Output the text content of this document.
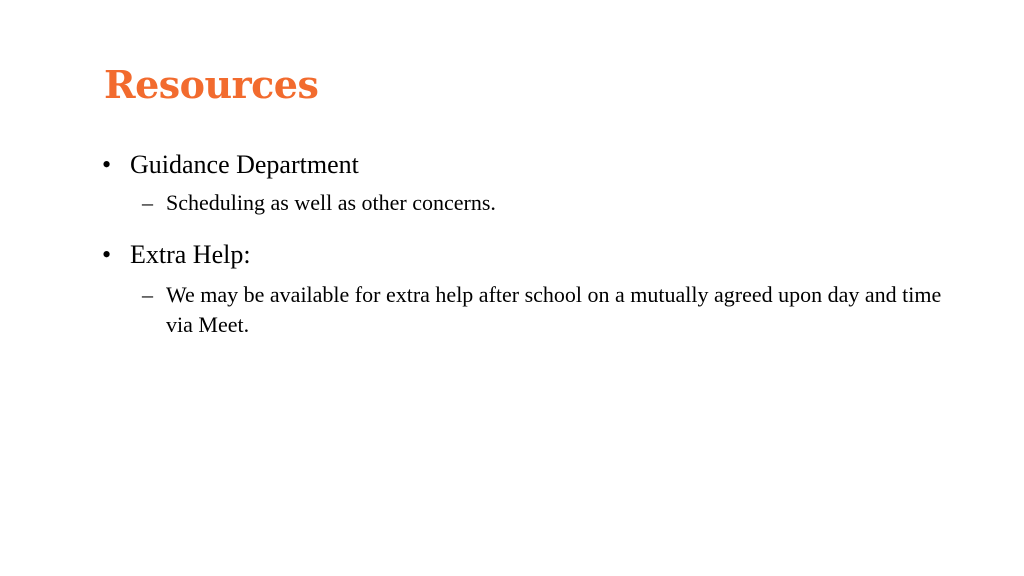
Resources
• Guidance Department
– Scheduling as well as other concerns.
• Extra Help:
– We may be available for extra help after school on a mutually agreed upon day and time via Meet.
